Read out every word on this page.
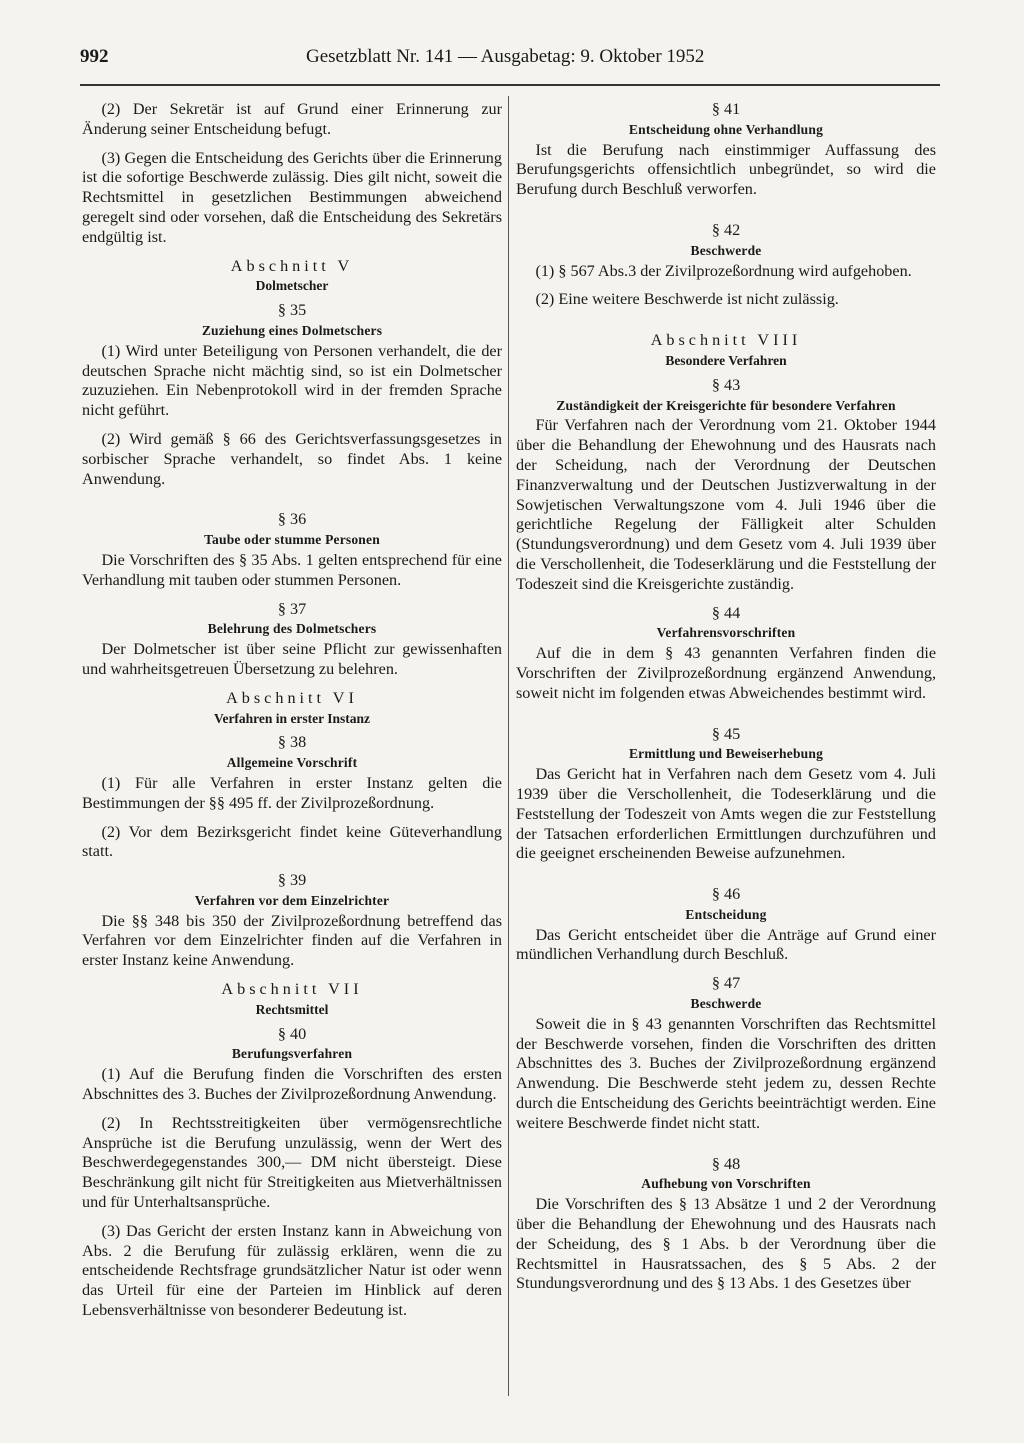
992	Gesetzblatt Nr. 141 — Ausgabetag: 9. Oktober 1952

(2) Der Sekretär ist auf Grund einer Erinnerung zur Änderung seiner Entscheidung befugt.

(3) Gegen die Entscheidung des Gerichts über die Erinnerung ist die sofortige Beschwerde zulässig. Dies gilt nicht, soweit die Rechtsmittel in gesetzlichen Bestimmungen abweichend geregelt sind oder vorsehen, daß die Entscheidung des Sekretärs endgültig ist.

Abschnitt V
Dolmetscher
§ 35
Zuziehung eines Dolmetschers

(1) Wird unter Beteiligung von Personen verhandelt, die der deutschen Sprache nicht mächtig sind, so ist ein Dolmetscher zuzuziehen. Ein Nebenprotokoll wird in der fremden Sprache nicht geführt.

(2) Wird gemäß § 66 des Gerichtsverfassungsgesetzes in sorbischer Sprache verhandelt, so findet Abs. 1 keine Anwendung.

§ 36
Taube oder stumme Personen

Die Vorschriften des § 35 Abs. 1 gelten entsprechend für eine Verhandlung mit tauben oder stummen Personen.

§ 37
Belehrung des Dolmetschers

Der Dolmetscher ist über seine Pflicht zur gewissenhaften und wahrheitsgetreuen Übersetzung zu belehren.

Abschnitt VI
Verfahren in erster Instanz
§ 38
Allgemeine Vorschrift

(1) Für alle Verfahren in erster Instanz gelten die Bestimmungen der §§ 495 ff. der Zivilprozeßordnung.

(2) Vor dem Bezirksgericht findet keine Güteverhandlung statt.

§ 39
Verfahren vor dem Einzelrichter

Die §§ 348 bis 350 der Zivilprozeßordnung betreffend das Verfahren vor dem Einzelrichter finden auf die Verfahren in erster Instanz keine Anwendung.

Abschnitt VII
Rechtsmittel
§ 40
Berufungsverfahren

(1) Auf die Berufung finden die Vorschriften des ersten Abschnittes des 3. Buches der Zivilprozeßordnung Anwendung.

(2) In Rechtsstreitigkeiten über vermögensrechtliche Ansprüche ist die Berufung unzulässig, wenn der Wert des Beschwerdegegenstandes 300,— DM nicht übersteigt. Diese Beschränkung gilt nicht für Streitigkeiten aus Mietverhältnissen und für Unterhaltsansprüche.

(3) Das Gericht der ersten Instanz kann in Abweichung von Abs. 2 die Berufung für zulässig erklären, wenn die zu entscheidende Rechtsfrage grundsätzlicher Natur ist oder wenn das Urteil für eine der Parteien im Hinblick auf deren Lebensverhältnisse von besonderer Bedeutung ist.

§ 41
Entscheidung ohne Verhandlung

Ist die Berufung nach einstimmiger Auffassung des Berufungsgerichts offensichtlich unbegründet, so wird die Berufung durch Beschluß verworfen.

§ 42
Beschwerde

(1) § 567 Abs.3 der Zivilprozeßordnung wird aufgehoben.

(2) Eine weitere Beschwerde ist nicht zulässig.

Abschnitt VIII
Besondere Verfahren
§ 43
Zuständigkeit der Kreisgerichte für besondere Verfahren

Für Verfahren nach der Verordnung vom 21. Oktober 1944 über die Behandlung der Ehewohnung und des Hausrats nach der Scheidung, nach der Verordnung der Deutschen Finanzverwaltung und der Deutschen Justizverwaltung in der Sowjetischen Verwaltungszone vom 4. Juli 1946 über die gerichtliche Regelung der Fälligkeit alter Schulden (Stundungsverordnung) und dem Gesetz vom 4. Juli 1939 über die Verschollenheit, die Todeserklärung und die Feststellung der Todeszeit sind die Kreisgerichte zuständig.

§ 44
Verfahrensvorschriften

Auf die in dem § 43 genannten Verfahren finden die Vorschriften der Zivilprozeßordnung ergänzend Anwendung, soweit nicht im folgenden etwas Abweichendes bestimmt wird.

§ 45
Ermittlung und Beweiserhebung

Das Gericht hat in Verfahren nach dem Gesetz vom 4. Juli 1939 über die Verschollenheit, die Todeserklärung und die Feststellung der Todeszeit von Amts wegen die zur Feststellung der Tatsachen erforderlichen Ermittlungen durchzuführen und die geeignet erscheinenden Beweise aufzunehmen.

§ 46
Entscheidung

Das Gericht entscheidet über die Anträge auf Grund einer mündlichen Verhandlung durch Beschluß.

§ 47
Beschwerde

Soweit die in § 43 genannten Vorschriften das Rechtsmittel der Beschwerde vorsehen, finden die Vorschriften des dritten Abschnittes des 3. Buches der Zivilprozeßordnung ergänzend Anwendung. Die Beschwerde steht jedem zu, dessen Rechte durch die Entscheidung des Gerichts beeinträchtigt werden. Eine weitere Beschwerde findet nicht statt.

§ 48
Aufhebung von Vorschriften

Die Vorschriften des § 13 Absätze 1 und 2 der Verordnung über die Behandlung der Ehewohnung und des Hausrats nach der Scheidung, des § 1 Abs. b der Verordnung über die Rechtsmittel in Hausratssachen, des § 5 Abs. 2 der Stundungsverordnung und des § 13 Abs. 1 des Gesetzes über
